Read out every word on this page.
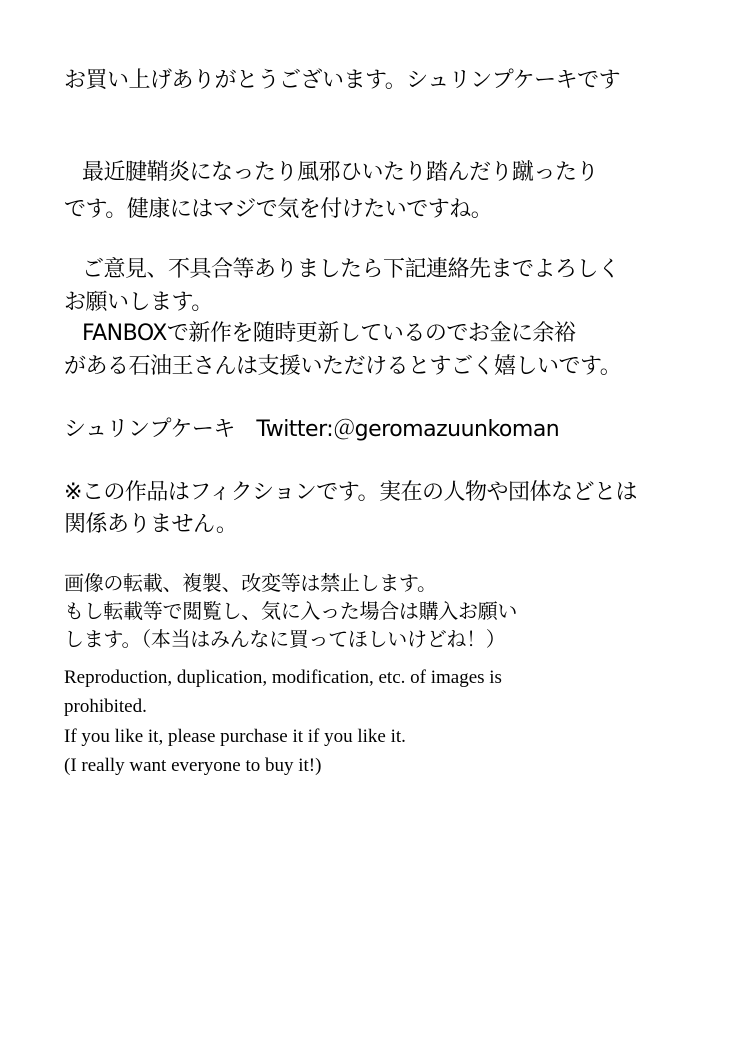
お買い上げありがとうございます。シュリンプケーキです
最近腱鞘炎になったり風邪ひいたり踏んだり蹴ったり
です。健康にはマジで気を付けたいですね。
ご意見、不具合等ありましたら下記連絡先までよろしく
お願いします。
FANBOXで新作を随時更新しているのでお金に余裕
がある石油王さんは支援いただけるとすごく嬉しいです。
シュリンプケーキ　Twitter:＠geromazuunkoman
※この作品はフィクションです。実在の人物や団体などとは
関係ありません。
画像の転載、複製、改変等は禁止します。
もし転載等で閲覧し、気に入った場合は購入お願い
します。（本当はみんなに買ってほしいけどね！）
Reproduction, duplication, modification, etc. of images is
prohibited.
If you like it, please purchase it if you like it.
(I really want everyone to buy it!)
